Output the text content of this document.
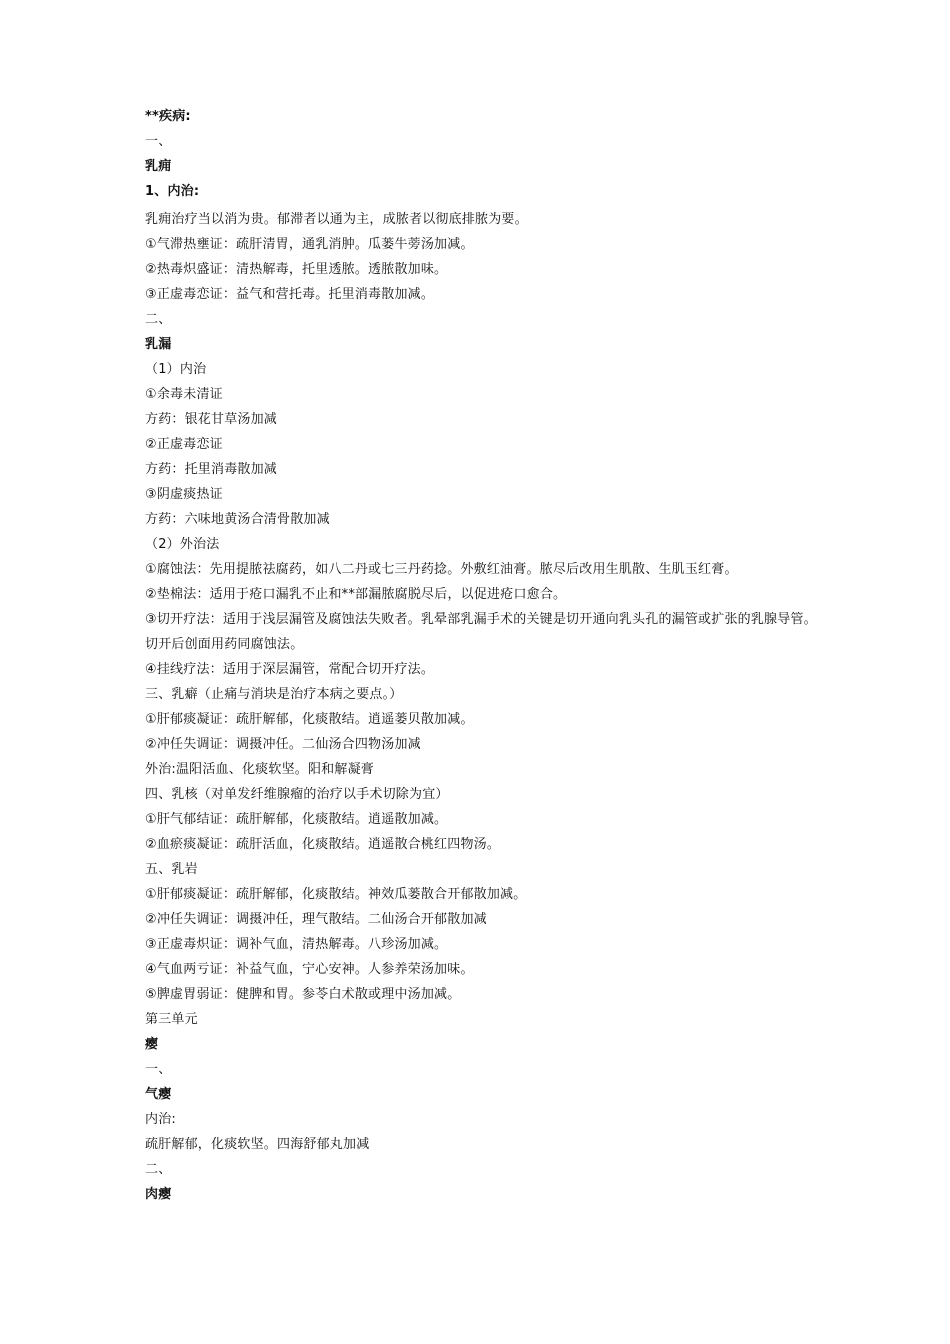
**疾病:
一、
乳痈
1、内治:
乳痈治疗当以消为贵。郁滞者以通为主，成脓者以彻底排脓为要。
①气滞热壅证：疏肝清胃，通乳消肿。瓜蒌牛蒡汤加减。
②热毒炽盛证：清热解毒，托里透脓。透脓散加味。
③正虚毒恋证：益气和营托毒。托里消毒散加减。
二、
乳漏
（1）内治
①余毒未清证
方药：银花甘草汤加减
②正虚毒恋证
方药：托里消毒散加减
③阴虚痰热证
方药：六味地黄汤合清骨散加减
（2）外治法
①腐蚀法：先用提脓祛腐药，如八二丹或七三丹药捻。外敷红油膏。脓尽后改用生肌散、生肌玉红膏。
②垫棉法：适用于疮口漏乳不止和**部漏脓腐脱尽后，以促进疮口愈合。
③切开疗法：适用于浅层漏管及腐蚀法失败者。乳晕部乳漏手术的关键是切开通向乳头孔的漏管或扩张的乳腺导管。切开后创面用药同腐蚀法。
④挂线疗法：适用于深层漏管，常配合切开疗法。
三、乳癖（止痛与消块是治疗本病之要点。）
①肝郁痰凝证：疏肝解郁，化痰散结。逍遥蒌贝散加减。
②冲任失调证：调摄冲任。二仙汤合四物汤加减
外治:温阳活血、化痰软坚。阳和解凝膏
四、乳核（对单发纤维腺瘤的治疗以手术切除为宜）
①肝气郁结证：疏肝解郁，化痰散结。逍遥散加减。
②血瘀痰凝证：疏肝活血，化痰散结。逍遥散合桃红四物汤。
五、乳岩
①肝郁痰凝证：疏肝解郁，化痰散结。神效瓜蒌散合开郁散加减。
②冲任失调证：调摄冲任，理气散结。二仙汤合开郁散加减
③正虚毒炽证：调补气血，清热解毒。八珍汤加减。
④气血两亏证：补益气血，宁心安神。人参养荣汤加味。
⑤脾虚胃弱证：健脾和胃。参苓白术散或理中汤加减。
第三单元
瘿
一、
气瘿
内治:
疏肝解郁，化痰软坚。四海舒郁丸加减
二、
肉瘿
